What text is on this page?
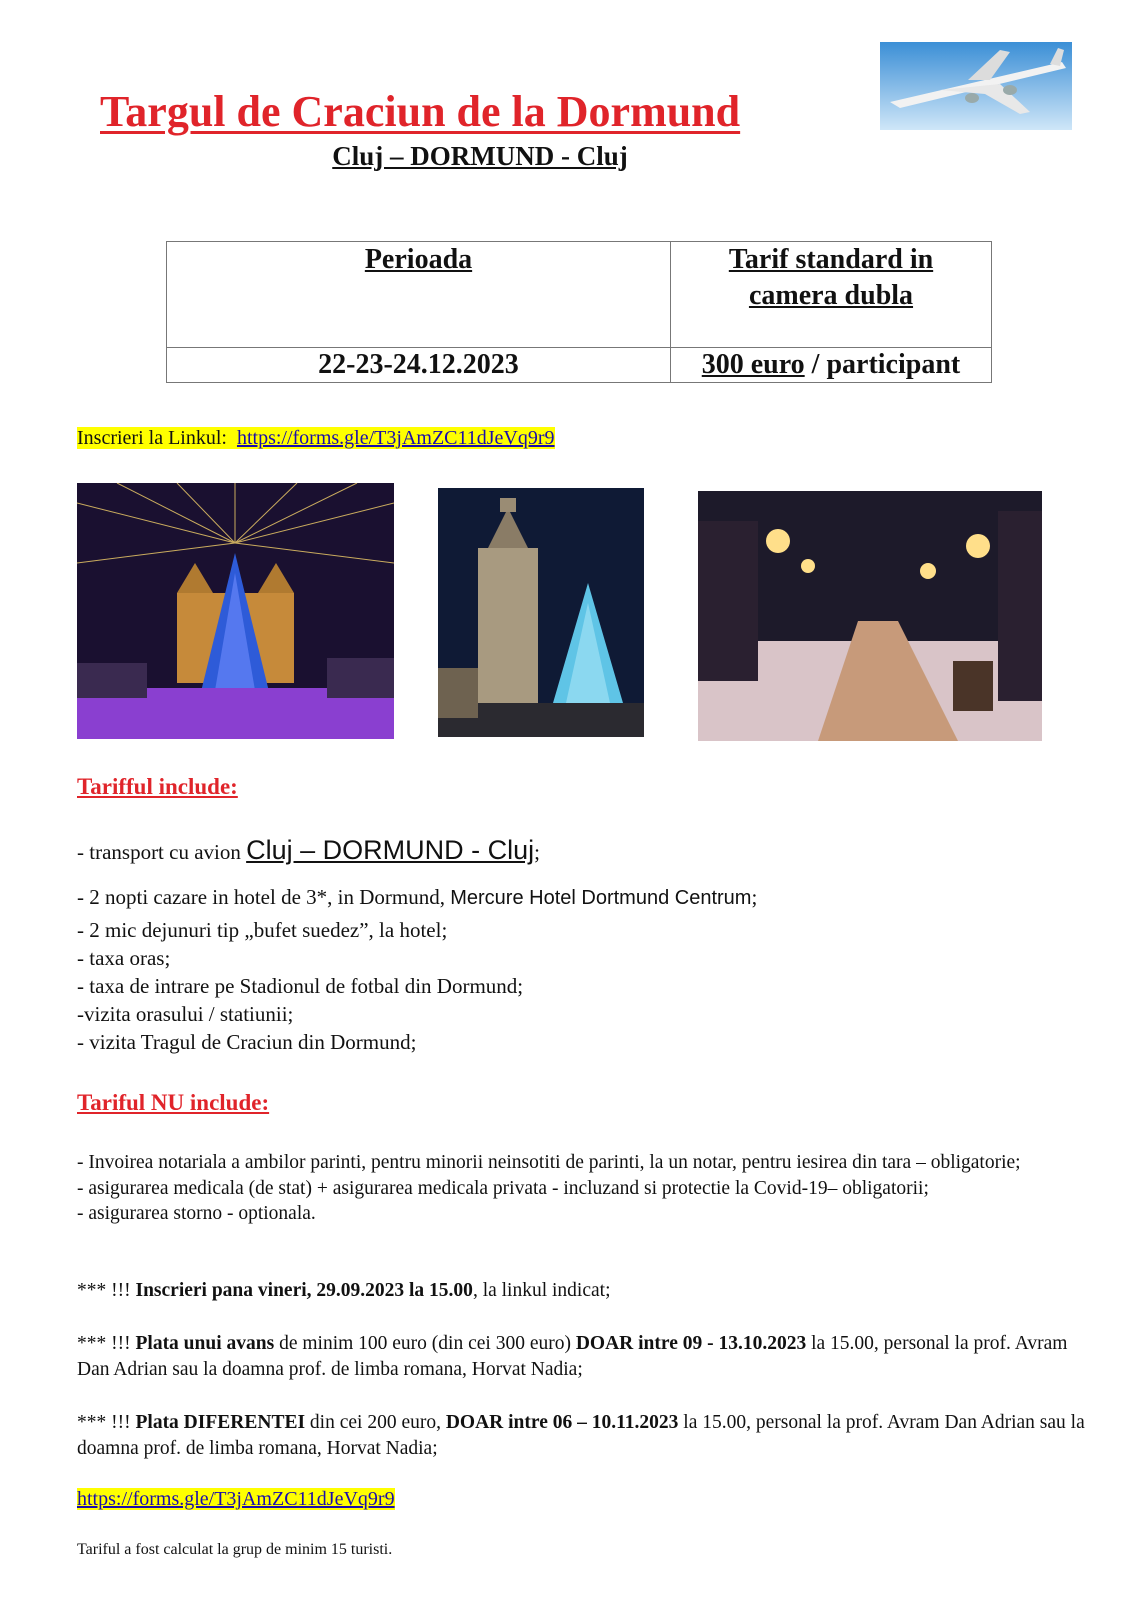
Targul de Craciun de la Dormund
Cluj – DORMUND - Cluj
Perioada	Tarif standard in
camera dubla
22-23-24.12.2023	300 euro / participant
Inscrieri la Linkul: https://forms.gle/T3jAmZC11dJeVq9r9
Tarifful include:
- transport cu avion Cluj – DORMUND - Cluj;
- 2 nopti cazare in hotel de 3*, in Dormund, Mercure Hotel Dortmund Centrum;
- 2 mic dejunuri tip „bufet suedez”, la hotel;
- taxa oras;
- taxa de intrare pe Stadionul de fotbal din Dormund;
-vizita orasului / statiunii;
- vizita Tragul de Craciun din Dormund;
Tariful NU include:
- Invoirea notariala a ambilor parinti, pentru minorii neinsotiti de parinti, la un notar, pentru iesirea din tara – obligatorie;
- asigurarea medicala (de stat) + asigurarea medicala privata - incluzand si protectie la Covid-19– obligatorii;
- asigurarea storno - optionala.
*** !!! Inscrieri pana vineri, 29.09.2023 la 15.00, la linkul indicat;
*** !!! Plata unui avans de minim 100 euro (din cei 300 euro) DOAR intre 09 - 13.10.2023 la 15.00, personal la prof. Avram Dan Adrian sau la doamna prof. de limba romana, Horvat Nadia;
*** !!! Plata DIFERENTEI din cei 200 euro, DOAR intre 06 – 10.11.2023 la 15.00, personal la prof. Avram Dan Adrian sau la doamna prof. de limba romana, Horvat Nadia;
https://forms.gle/T3jAmZC11dJeVq9r9
Tariful a fost calculat la grup de minim 15 turisti.
